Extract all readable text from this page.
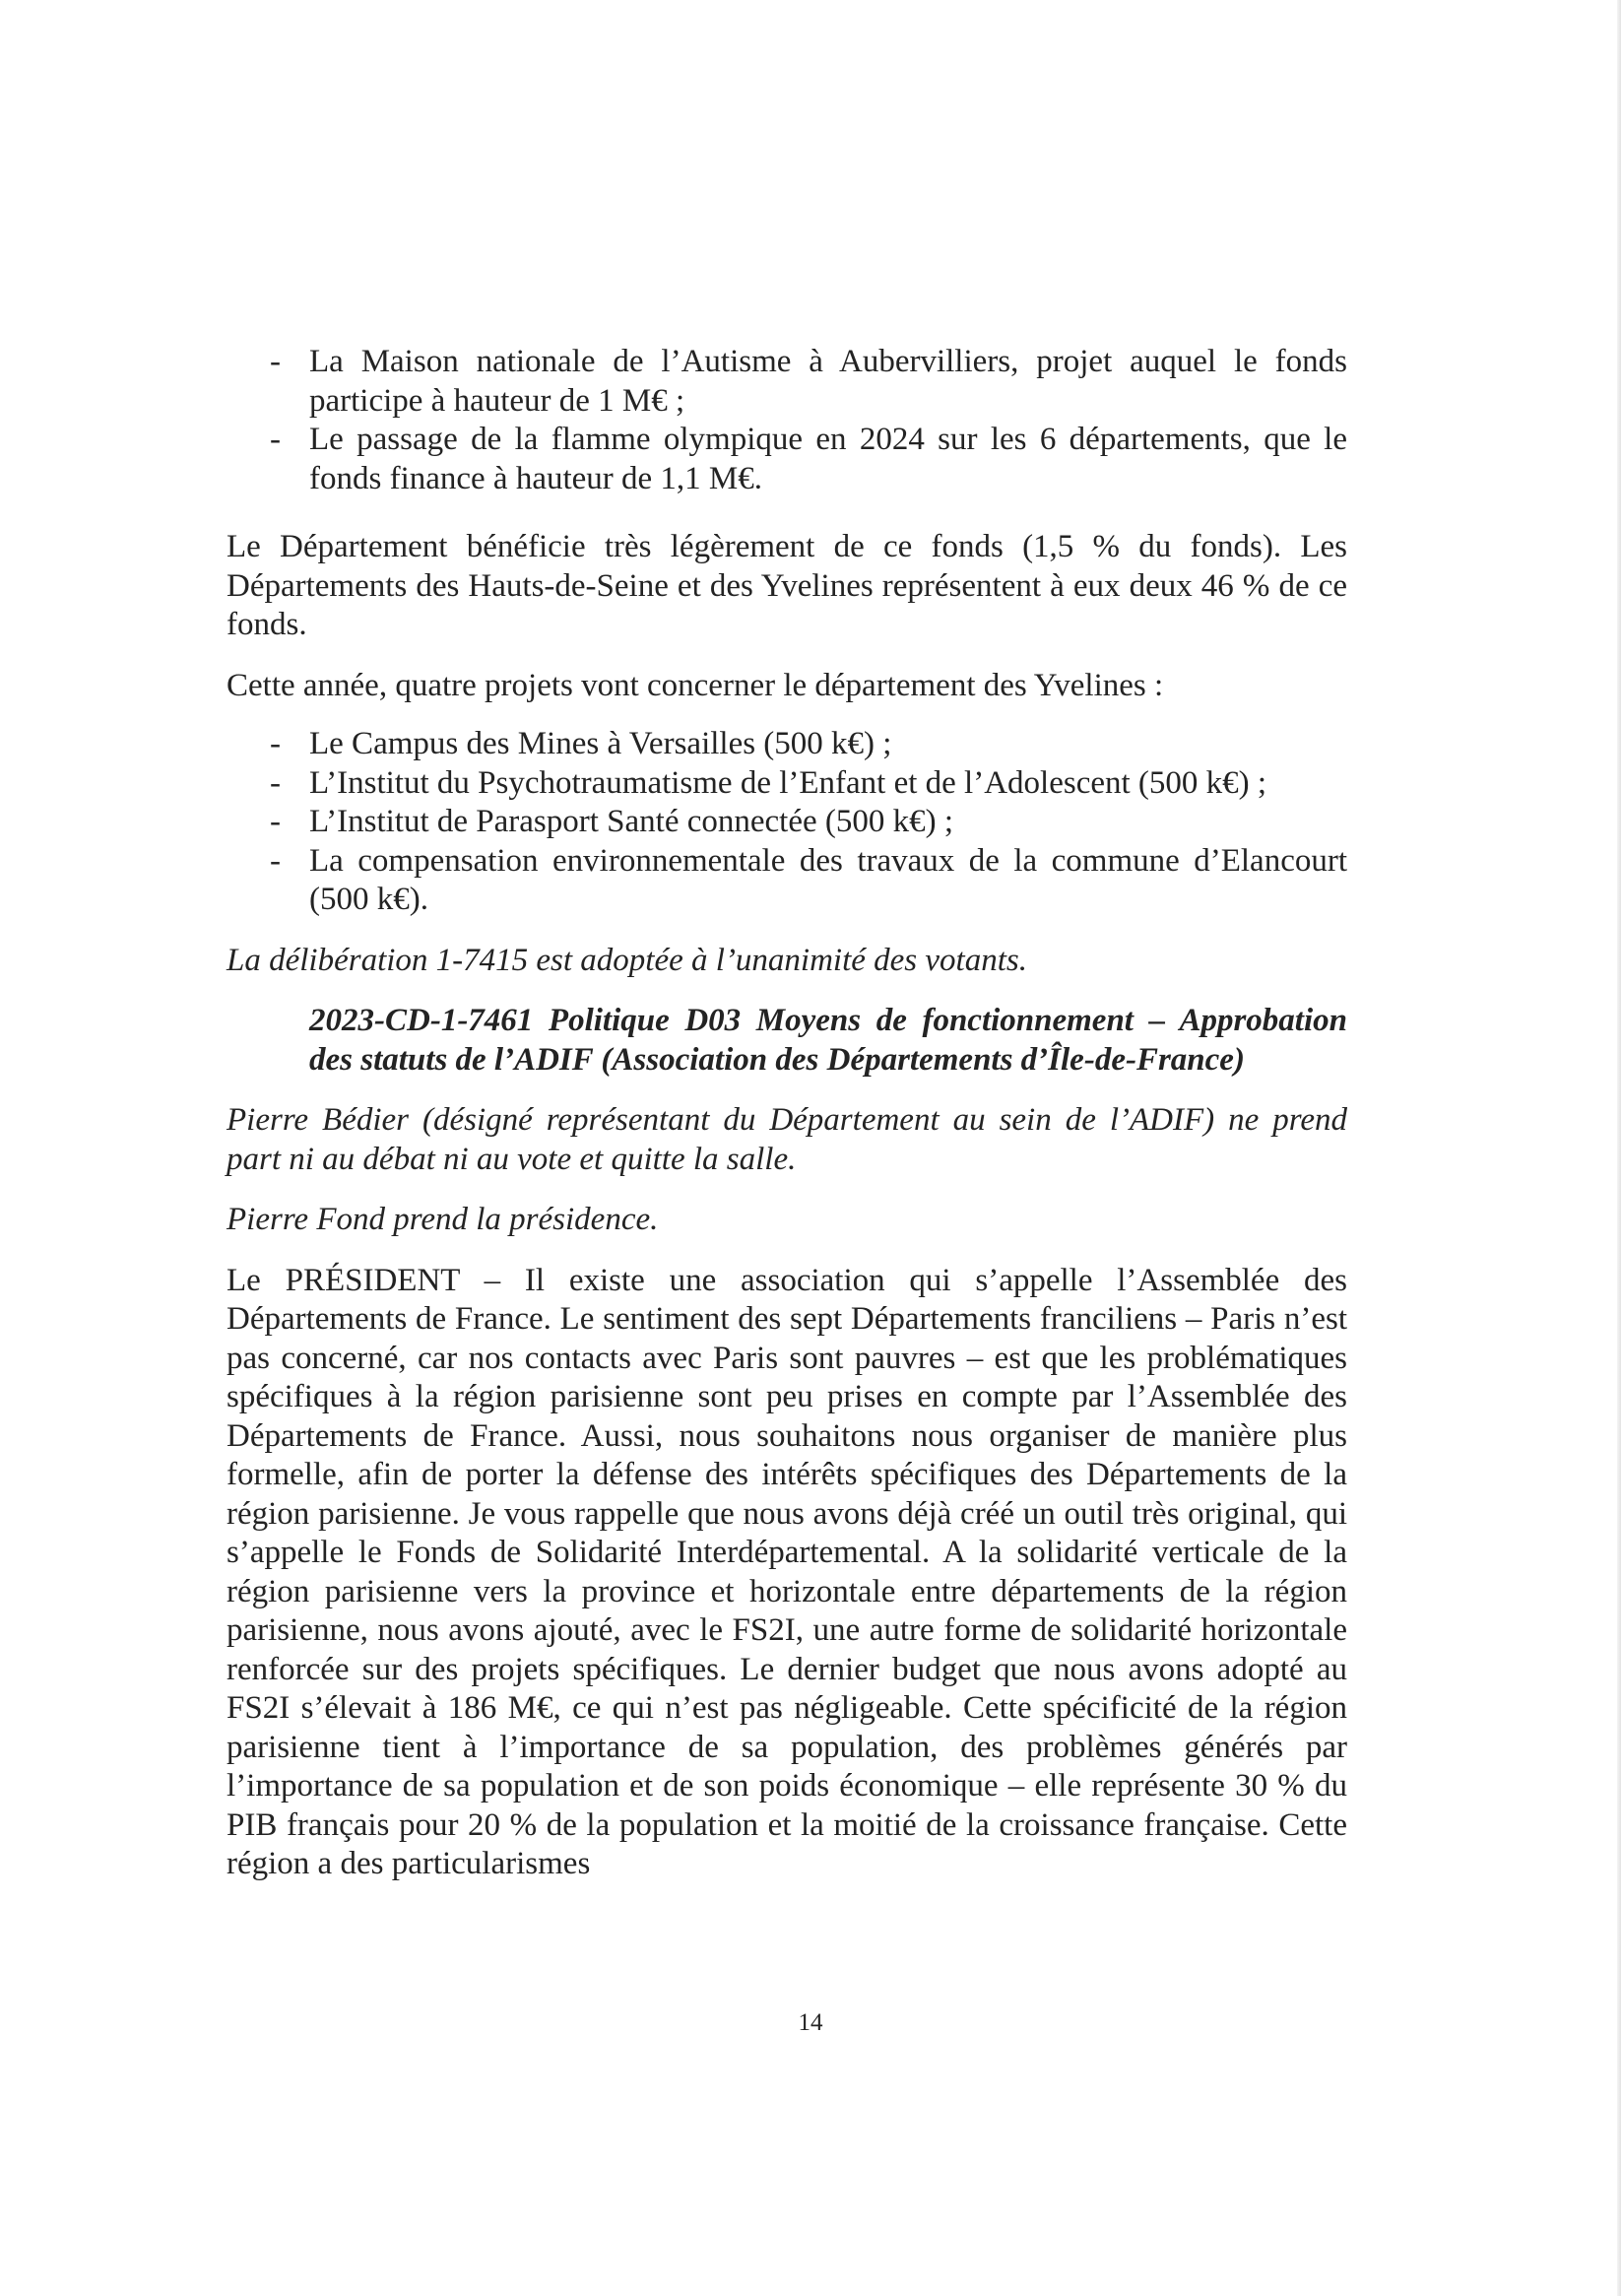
- La Maison nationale de l’Autisme à Aubervilliers, projet auquel le fonds participe à hauteur de 1 M€ ;
- Le passage de la flamme olympique en 2024 sur les 6 départements, que le fonds finance à hauteur de 1,1 M€.

Le Département bénéficie très légèrement de ce fonds (1,5 % du fonds). Les Départements des Hauts-de-Seine et des Yvelines représentent à eux deux 46 % de ce fonds.

Cette année, quatre projets vont concerner le département des Yvelines :

- Le Campus des Mines à Versailles (500 k€) ;
- L’Institut du Psychotraumatisme de l’Enfant et de l’Adolescent (500 k€) ;
- L’Institut de Parasport Santé connectée (500 k€) ;
- La compensation environnementale des travaux de la commune d’Elancourt (500 k€).

La délibération 1-7415 est adoptée à l’unanimité des votants.

2023-CD-1-7461 Politique D03 Moyens de fonctionnement – Approbation des statuts de l’ADIF (Association des Départements d’Île-de-France)

Pierre Bédier (désigné représentant du Département au sein de l’ADIF) ne prend part ni au débat ni au vote et quitte la salle.

Pierre Fond prend la présidence.

Le PRÉSIDENT – Il existe une association qui s’appelle l’Assemblée des Départements de France. Le sentiment des sept Départements franciliens – Paris n’est pas concerné, car nos contacts avec Paris sont pauvres – est que les problématiques spécifiques à la région parisienne sont peu prises en compte par l’Assemblée des Départements de France. Aussi, nous souhaitons nous organiser de manière plus formelle, afin de porter la défense des intérêts spécifiques des Départements de la région parisienne. Je vous rappelle que nous avons déjà créé un outil très original, qui s’appelle le Fonds de Solidarité Interdépartemental. A la solidarité verticale de la région parisienne vers la province et horizontale entre départements de la région parisienne, nous avons ajouté, avec le FS2I, une autre forme de solidarité horizontale renforcée sur des projets spécifiques. Le dernier budget que nous avons adopté au FS2I s’élevait à 186 M€, ce qui n’est pas négligeable. Cette spécificité de la région parisienne tient à l’importance de sa population, des problèmes générés par l’importance de sa population et de son poids économique – elle représente 30 % du PIB français pour 20 % de la population et la moitié de la croissance française. Cette région a des particularismes

14
